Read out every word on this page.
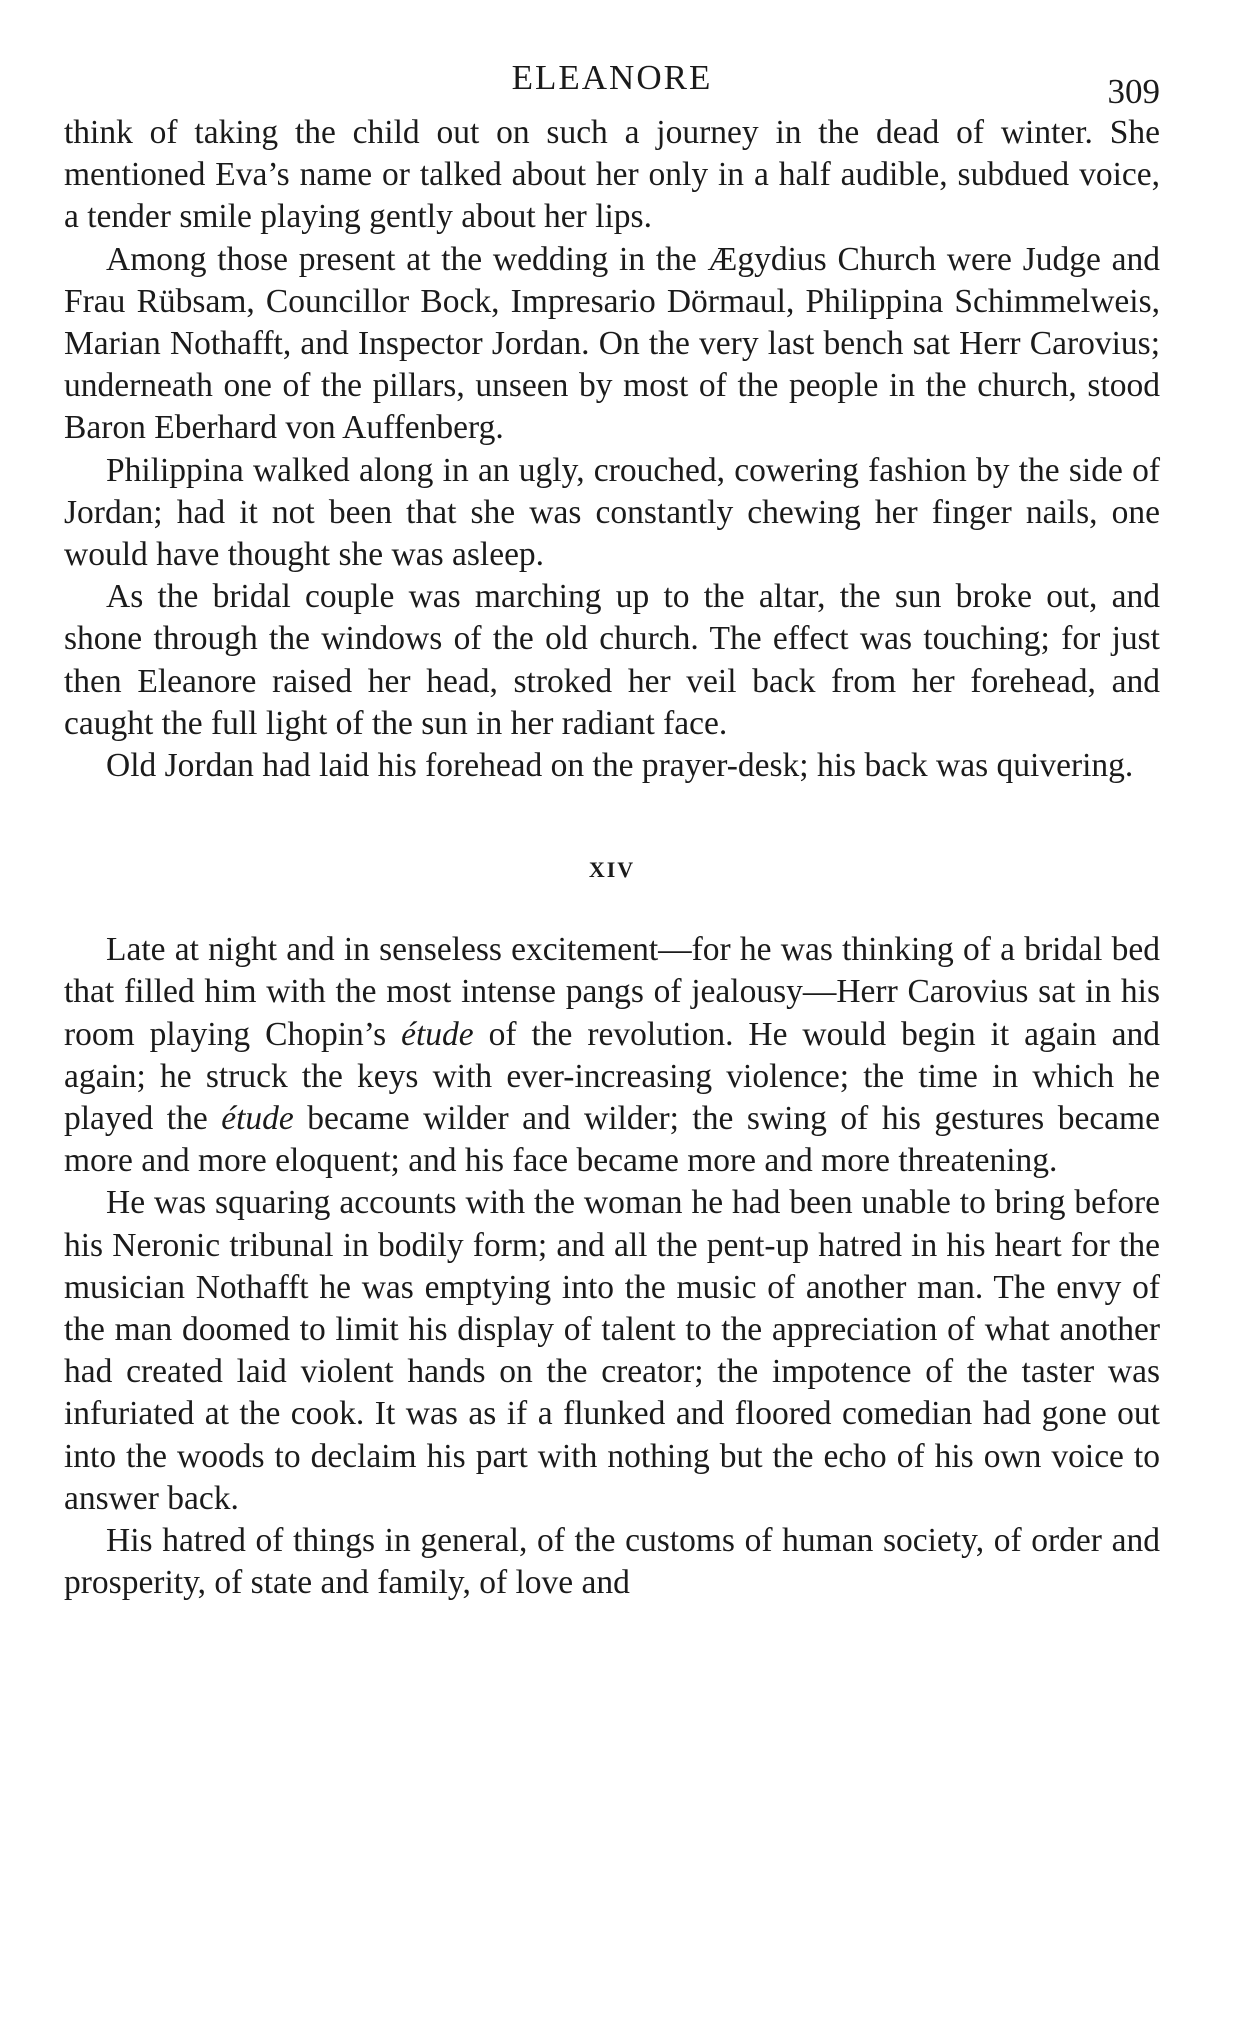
ELEANORE	309

think of taking the child out on such a journey in the dead of winter. She mentioned Eva’s name or talked about her only in a half audible, subdued voice, a tender smile playing gently about her lips.

Among those present at the wedding in the Ægydius Church were Judge and Frau Rübsam, Councillor Bock, Impresario Dörmaul, Philippina Schimmelweis, Marian Nothafft, and Inspector Jordan. On the very last bench sat Herr Carovius; underneath one of the pillars, unseen by most of the people in the church, stood Baron Eberhard von Auffenberg.

Philippina walked along in an ugly, crouched, cowering fashion by the side of Jordan; had it not been that she was constantly chewing her finger nails, one would have thought she was asleep.

As the bridal couple was marching up to the altar, the sun broke out, and shone through the windows of the old church. The effect was touching; for just then Eleanore raised her head, stroked her veil back from her forehead, and caught the full light of the sun in her radiant face.

Old Jordan had laid his forehead on the prayer-desk; his back was quivering.

XIV

Late at night and in senseless excitement—for he was thinking of a bridal bed that filled him with the most intense pangs of jealousy—Herr Carovius sat in his room playing Chopin’s étude of the revolution. He would begin it again and again; he struck the keys with ever-increasing violence; the time in which he played the étude became wilder and wilder; the swing of his gestures became more and more eloquent; and his face became more and more threatening.

He was squaring accounts with the woman he had been unable to bring before his Neronic tribunal in bodily form; and all the pent-up hatred in his heart for the musician Nothafft he was emptying into the music of another man. The envy of the man doomed to limit his display of talent to the appreciation of what another had created laid violent hands on the creator; the impotence of the taster was infuriated at the cook. It was as if a flunked and floored comedian had gone out into the woods to declaim his part with nothing but the echo of his own voice to answer back.

His hatred of things in general, of the customs of human society, of order and prosperity, of state and family, of love and
